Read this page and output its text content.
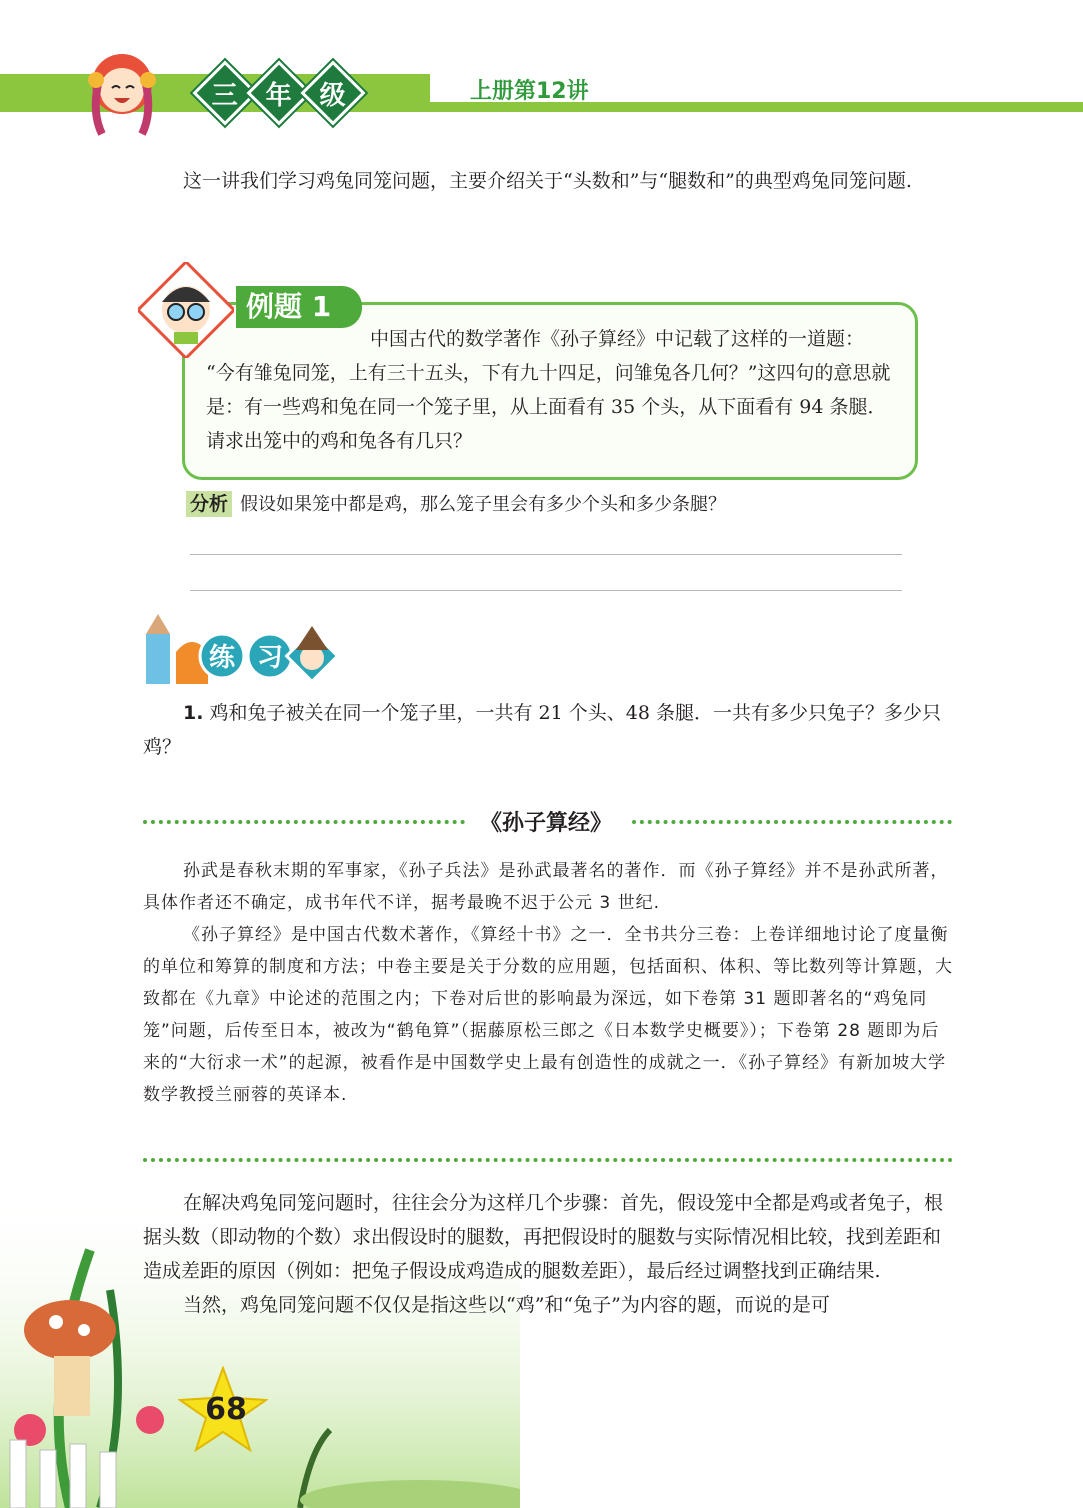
三 年 级	上册第12讲
这一讲我们学习鸡兔同笼问题，主要介绍关于“头数和”与“腿数和”的典型鸡兔同笼问题.
例题 1
中国古代的数学著作《孙子算经》中记载了这样的一道题：
“今有雏兔同笼，上有三十五头，下有九十四足，问雏兔各几何？”这四句的意思就是：有一些鸡和兔在同一个笼子里，从上面看有 35 个头，从下面看有 94 条腿．请求出笼中的鸡和兔各有几只？
分析 假设如果笼中都是鸡，那么笼子里会有多少个头和多少条腿？
练 习
1. 鸡和兔子被关在同一个笼子里，一共有 21 个头、48 条腿．一共有多少只兔子？多少只鸡？
《孙子算经》

孙武是春秋末期的军事家，《孙子兵法》是孙武最著名的著作．而《孙子算经》并不是孙武所著，具体作者还不确定，成书年代不详，据考最晚不迟于公元 3 世纪.

《孙子算经》是中国古代数术著作，《算经十书》之一．全书共分三卷：上卷详细地讨论了度量衡的单位和筹算的制度和方法；中卷主要是关于分数的应用题，包括面积、体积、等比数列等计算题，大致都在《九章》中论述的范围之内；下卷对后世的影响最为深远，如下卷第 31 题即著名的“鸡兔同笼”问题，后传至日本，被改为“鹤龟算”（据藤原松三郎之《日本数学史概要》）；下卷第 28 题即为后来的“大衍求一术”的起源，被看作是中国数学史上最有创造性的成就之一．《孙子算经》有新加坡大学数学教授兰丽蓉的英译本.

68

在解决鸡兔同笼问题时，往往会分为这样几个步骤：首先，假设笼中全都是鸡或者兔子，根据头数（即动物的个数）求出假设时的腿数，再把假设时的腿数与实际情况相比较，找到差距和造成差距的原因（例如：把兔子假设成鸡造成的腿数差距），最后经过调整找到正确结果.

当然，鸡兔同笼问题不仅仅是指这些以“鸡”和“兔子”为内容的题，而说的是可
